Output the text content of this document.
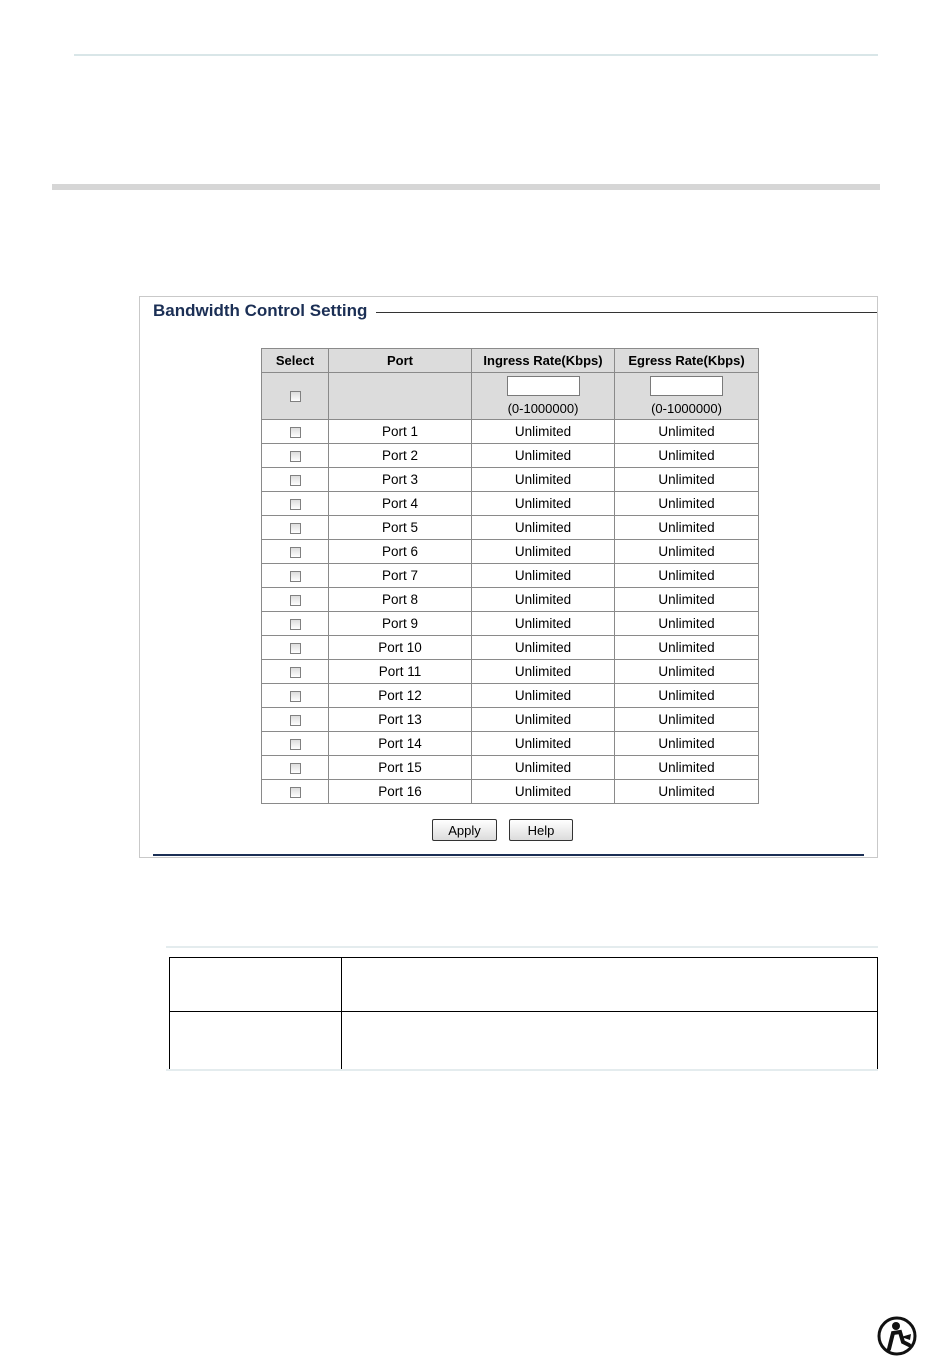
Bandwidth Control Setting
Select	Port	Ingress Rate(Kbps)	Egress Rate(Kbps)

		(0-1000000)	(0-1000000)

	Port 1	Unlimited	Unlimited
	Port 2	Unlimited	Unlimited
	Port 3	Unlimited	Unlimited
	Port 4	Unlimited	Unlimited
	Port 5	Unlimited	Unlimited
	Port 6	Unlimited	Unlimited
	Port 7	Unlimited	Unlimited
	Port 8	Unlimited	Unlimited
	Port 9	Unlimited	Unlimited
	Port 10	Unlimited	Unlimited
	Port 11	Unlimited	Unlimited
	Port 12	Unlimited	Unlimited
	Port 13	Unlimited	Unlimited
	Port 14	Unlimited	Unlimited
	Port 15	Unlimited	Unlimited
	Port 16	Unlimited	Unlimited
Apply	Help
